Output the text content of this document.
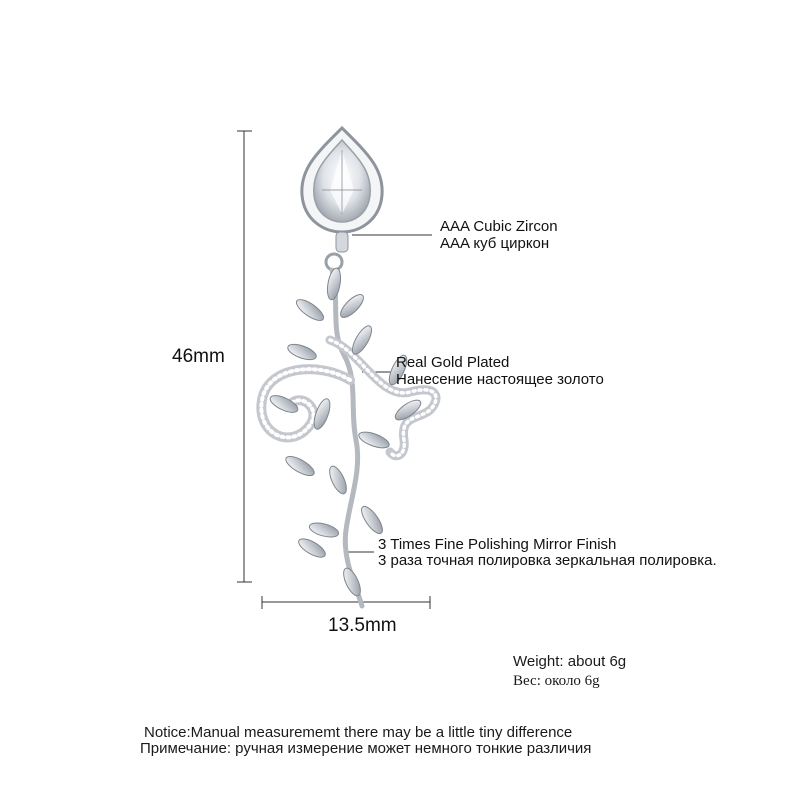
46mm
13.5mm
AAA Cubic Zircon
AAA куб циркон
Real Gold Plated
Нанесение настоящее золото
3 Times Fine Polishing Mirror Finish
3 раза точная полировка зеркальная полировка.
Weight: about 6g
Вес: около 6g
Notice:Manual measurememt there may be a little tiny difference
Примечание: ручная измерение может немного тонкие различия
